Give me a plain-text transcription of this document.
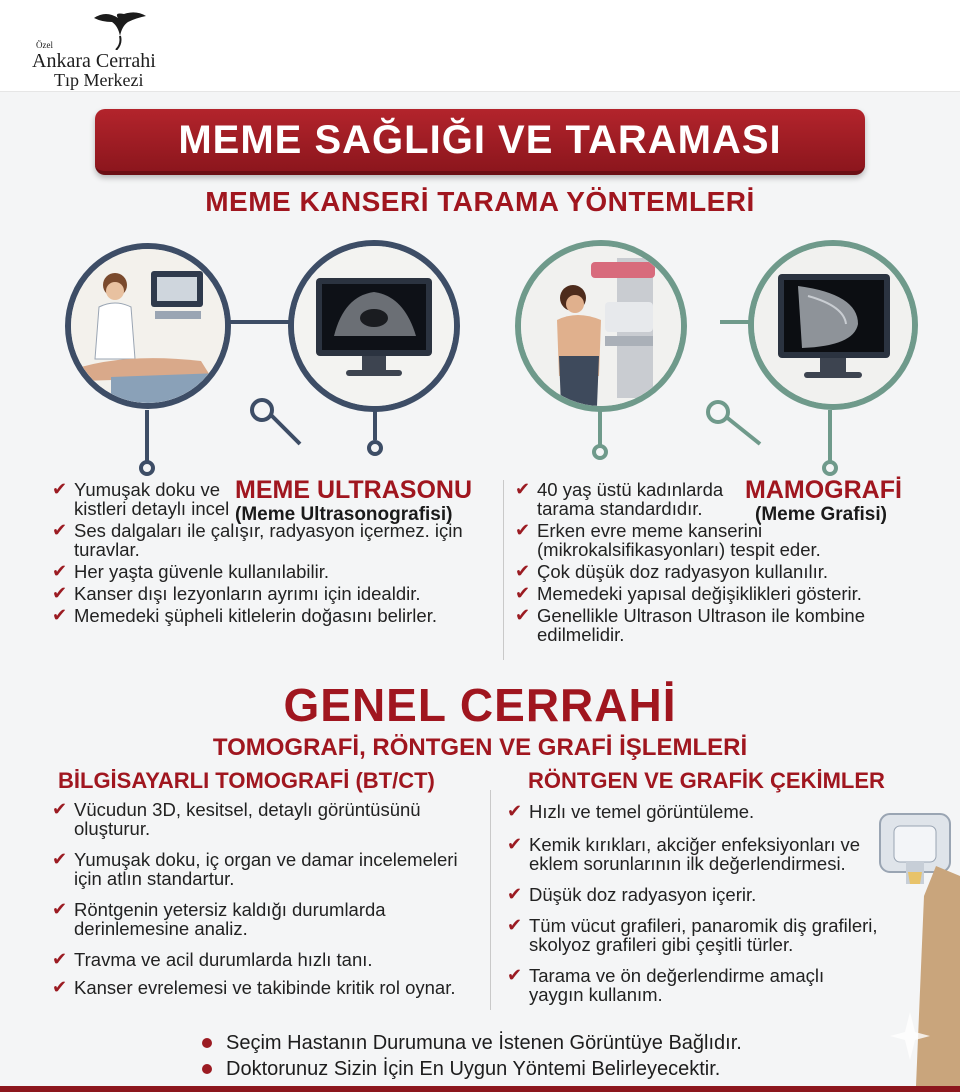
Özel
Ankara Cerrahi
Tıp Merkezi
MEME SAĞLIĞI VE TARAMASI
MEME KANSERİ TARAMA YÖNTEMLERİ
MEME ULTRASONU
(Meme Ultrasonografisi)
✔ Yumuşak doku ve kistleri detaylı incel
✔ Ses dalgaları ile çalışır, radyasyon içermez. için turavlar.
✔ Her yaşta güvenle kullanılabilir.
✔ Kanser dışı lezyonların ayrımı için idealdir.
✔ Memedeki şüpheli kitlelerin doğasını belirler.
MAMOGRAFİ
(Meme Grafisi)
✔ 40 yaş üstü kadınlarda tarama standardıdır.
✔ Erken evre meme kanserini (mikrokalsifikasyonları) tespit eder.
✔ Çok düşük doz radyasyon kullanılır.
✔ Memedeki yapısal değişiklikleri gösterir.
✔ Genellikle Ultrason Ultrason ile kombine edilmelidir.
GENEL CERRAHİ
TOMOGRAFİ, RÖNTGEN VE GRAFİ İŞLEMLERİ
BİLGİSAYARLI TOMOGRAFİ (BT/CT)	RÖNTGEN VE GRAFİK ÇEKİMLER
✔ Vücudun 3D, kesitsel, detaylı görüntüsünü oluşturur.
✔ Yumuşak doku, iç organ ve damar incelemeleri için atlın standartur.
✔ Röntgenin yetersiz kaldığı durumlarda derinlemesine analiz.
✔ Travma ve acil durumlarda hızlı tanı.
✔ Kanser evrelemesi ve takibinde kritik rol oynar.
✔ Hızlı ve temel görüntüleme.
✔ Kemik kırıkları, akciğer enfeksiyonları ve eklem sorunlarının ilk değerlendirmesi.
✔ Düşük doz radyasyon içerir.
✔ Tüm vücut grafileri, panaromik diş grafileri, skolyoz grafileri gibi çeşitli türler.
✔ Tarama ve ön değerlendirme amaçlı yaygın kullanım.
Seçim Hastanın Durumuna ve İstenen Görüntüye Bağlıdır.
Doktorunuz Sizin İçin En Uygun Yöntemi Belirleyecektir.
